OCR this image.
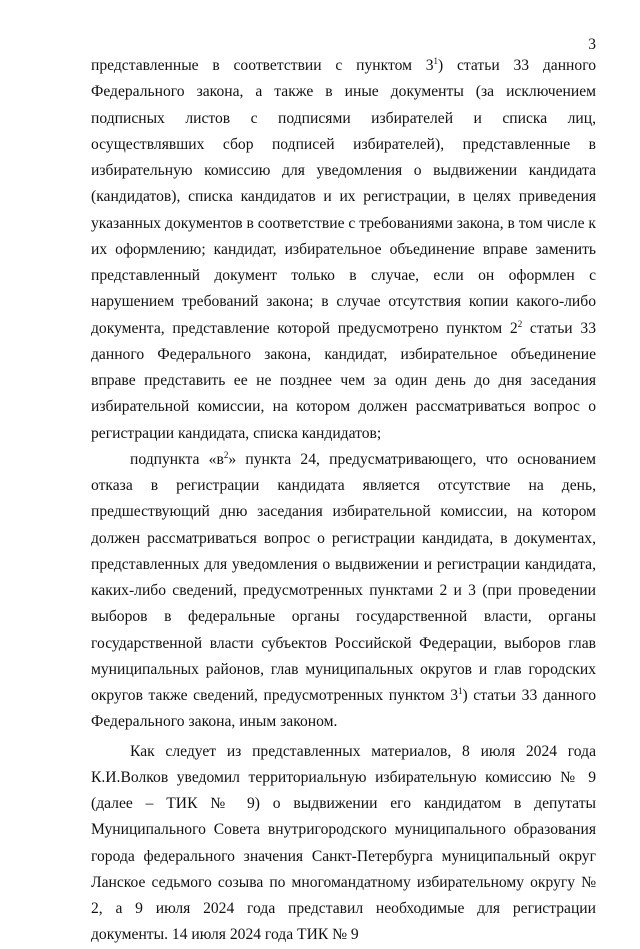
3

представленные в соответствии с пунктом $3^1$) статьи 33 данного Федерального закона, а также в иные документы (за исключением подписных листов с подписями избирателей и списка лиц, осуществлявших сбор подписей избирателей), представленные в избирательную комиссию для уведомления о выдвижении кандидата (кандидатов), списка кандидатов и их регистрации, в целях приведения указанных документов в соответствие с требованиями закона, в том числе к их оформлению; кандидат, избирательное объединение вправе заменить представленный документ только в случае, если он оформлен с нарушением требований закона; в случае отсутствия копии какого-либо документа, представление которой предусмотрено пунктом $2^2$ статьи 33 данного Федерального закона, кандидат, избирательное объединение вправе представить ее не позднее чем за один день до дня заседания избирательной комиссии, на котором должен рассматриваться вопрос о регистрации кандидата, списка кандидатов;

подпункта «$в^2$» пункта 24, предусматривающего, что основанием отказа в регистрации кандидата является отсутствие на день, предшествующий дню заседания избирательной комиссии, на котором должен рассматриваться вопрос о регистрации кандидата, в документах, представленных для уведомления о выдвижении и регистрации кандидата, каких-либо сведений, предусмотренных пунктами 2 и 3 (при проведении выборов в федеральные органы государственной власти, органы государственной власти субъектов Российской Федерации, выборов глав муниципальных районов, глав муниципальных округов и глав городских округов также сведений, предусмотренных пунктом $3^1$) статьи 33 данного Федерального закона, иным законом.

Как следует из представленных материалов, 8 июля 2024 года К.И.Волков уведомил территориальную избирательную комиссию № 9 (далее – ТИК № 9) о выдвижении его кандидатом в депутаты Муниципального Совета внутригородского муниципального образования города федерального значения Санкт-Петербурга муниципальный округ Ланское седьмого созыва по многомандатному избирательному округу № 2, а 9 июля 2024 года представил необходимые для регистрации документы. 14 июля 2024 года ТИК № 9
